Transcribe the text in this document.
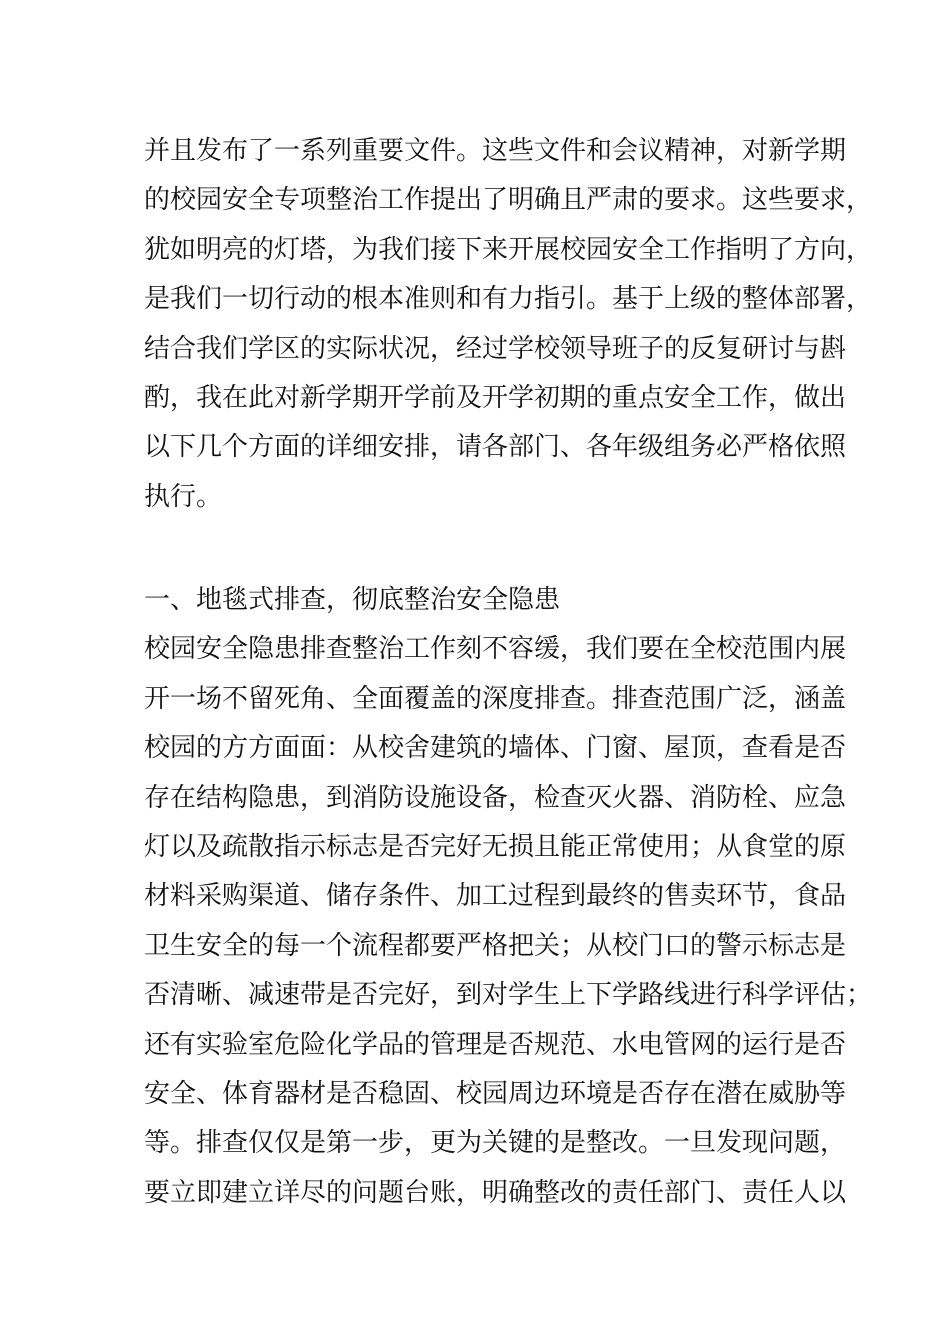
并且发布了一系列重要文件。这些文件和会议精神，对新学期
的校园安全专项整治工作提出了明确且严肃的要求。这些要求，
犹如明亮的灯塔，为我们接下来开展校园安全工作指明了方向，
是我们一切行动的根本准则和有力指引。基于上级的整体部署，
结合我们学区的实际状况，经过学校领导班子的反复研讨与斟
酌，我在此对新学期开学前及开学初期的重点安全工作，做出
以下几个方面的详细安排，请各部门、各年级组务必严格依照
执行。
一、地毯式排查，彻底整治安全隐患
校园安全隐患排查整治工作刻不容缓，我们要在全校范围内展
开一场不留死角、全面覆盖的深度排查。排查范围广泛，涵盖
校园的方方面面：从校舍建筑的墙体、门窗、屋顶，查看是否
存在结构隐患，到消防设施设备，检查灭火器、消防栓、应急
灯以及疏散指示标志是否完好无损且能正常使用；从食堂的原
材料采购渠道、储存条件、加工过程到最终的售卖环节，食品
卫生安全的每一个流程都要严格把关；从校门口的警示标志是
否清晰、减速带是否完好，到对学生上下学路线进行科学评估；
还有实验室危险化学品的管理是否规范、水电管网的运行是否
安全、体育器材是否稳固、校园周边环境是否存在潜在威胁等
等。排查仅仅是第一步，更为关键的是整改。一旦发现问题，
要立即建立详尽的问题台账，明确整改的责任部门、责任人以
